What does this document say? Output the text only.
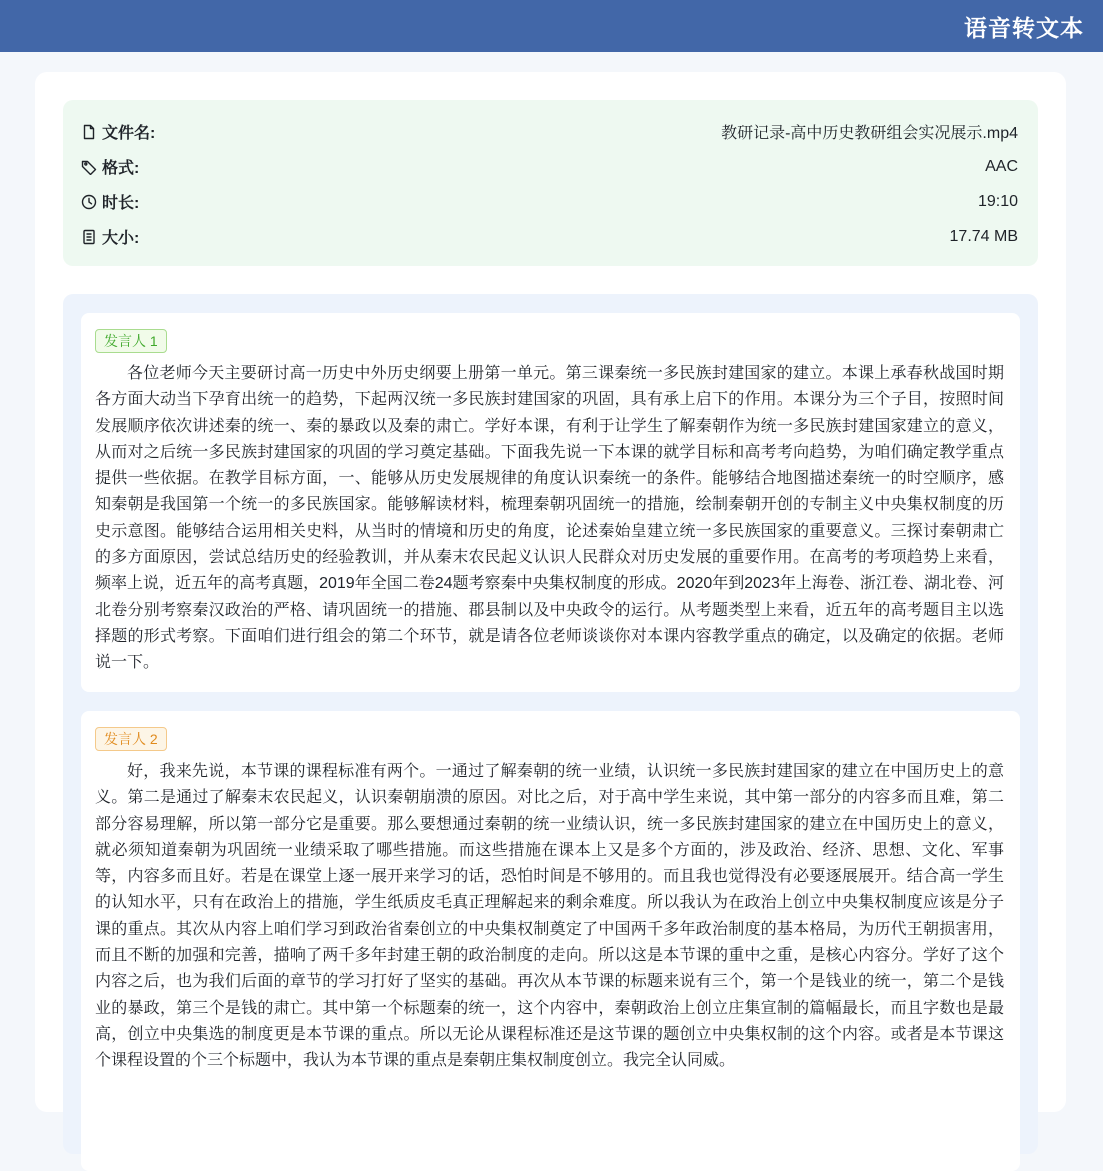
语音转文本
文件名:	教研记录-高中历史教研组会实况展示.mp4
格式:	AAC
时长:	19:10
大小:	17.74 MB
发言人 1

各位老师今天主要研讨高一历史中外历史纲要上册第一单元。第三课秦统一多民族封建国家的建立。本课上承春秋战国时期各方面大动当下孕育出统一的趋势，下起两汉统一多民族封建国家的巩固，具有承上启下的作用。本课分为三个子目，按照时间发展顺序依次讲述秦的统一、秦的暴政以及秦的肃亡。学好本课，有利于让学生了解秦朝作为统一多民族封建国家建立的意义，从而对之后统一多民族封建国家的巩固的学习奠定基础。下面我先说一下本课的就学目标和高考考向趋势，为咱们确定教学重点提供一些依据。在教学目标方面，一、能够从历史发展规律的角度认识秦统一的条件。能够结合地图描述秦统一的时空顺序，感知秦朝是我国第一个统一的多民族国家。能够解读材料，梳理秦朝巩固统一的措施，绘制秦朝开创的专制主义中央集权制度的历史示意图。能够结合运用相关史料，从当时的情境和历史的角度，论述秦始皇建立统一多民族国家的重要意义。三探讨秦朝肃亡的多方面原因，尝试总结历史的经验教训，并从秦末农民起义认识人民群众对历史发展的重要作用。在高考的考项趋势上来看，频率上说，近五年的高考真题，2019年全国二卷24题考察秦中央集权制度的形成。2020年到2023年上海卷、浙江卷、湖北卷、河北卷分别考察秦汉政治的严格、请巩固统一的措施、郡县制以及中央政令的运行。从考题类型上来看，近五年的高考题目主以选择题的形式考察。下面咱们进行组会的第二个环节，就是请各位老师谈谈你对本课内容教学重点的确定，以及确定的依据。老师说一下。

发言人 2

好，我来先说，本节课的课程标准有两个。一通过了解秦朝的统一业绩，认识统一多民族封建国家的建立在中国历史上的意义。第二是通过了解秦末农民起义，认识秦朝崩溃的原因。对比之后，对于高中学生来说，其中第一部分的内容多而且难，第二部分容易理解，所以第一部分它是重要。那么要想通过秦朝的统一业绩认识，统一多民族封建国家的建立在中国历史上的意义，就必须知道秦朝为巩固统一业绩采取了哪些措施。而这些措施在课本上又是多个方面的，涉及政治、经济、思想、文化、军事等，内容多而且好。若是在课堂上逐一展开来学习的话，恐怕时间是不够用的。而且我也觉得没有必要逐展展开。结合高一学生的认知水平，只有在政治上的措施，学生纸质皮毛真正理解起来的剩余难度。所以我认为在政治上创立中央集权制度应该是分子课的重点。其次从内容上咱们学习到政治省秦创立的中央集权制奠定了中国两千多年政治制度的基本格局，为历代王朝损害用，而且不断的加强和完善，描响了两千多年封建王朝的政治制度的走向。所以这是本节课的重中之重，是核心内容分。学好了这个内容之后，也为我们后面的章节的学习打好了坚实的基础。再次从本节课的标题来说有三个，第一个是钱业的统一，第二个是钱业的暴政，第三个是钱的肃亡。其中第一个标题秦的统一，这个内容中，秦朝政治上创立庄集宣制的篇幅最长，而且字数也是最高，创立中央集选的制度更是本节课的重点。所以无论从课程标准还是这节课的题创立中央集权制的这个内容。或者是本节课这个课程设置的个三个标题中，我认为本节课的重点是秦朝庄集权制度创立。我完全认同威。
